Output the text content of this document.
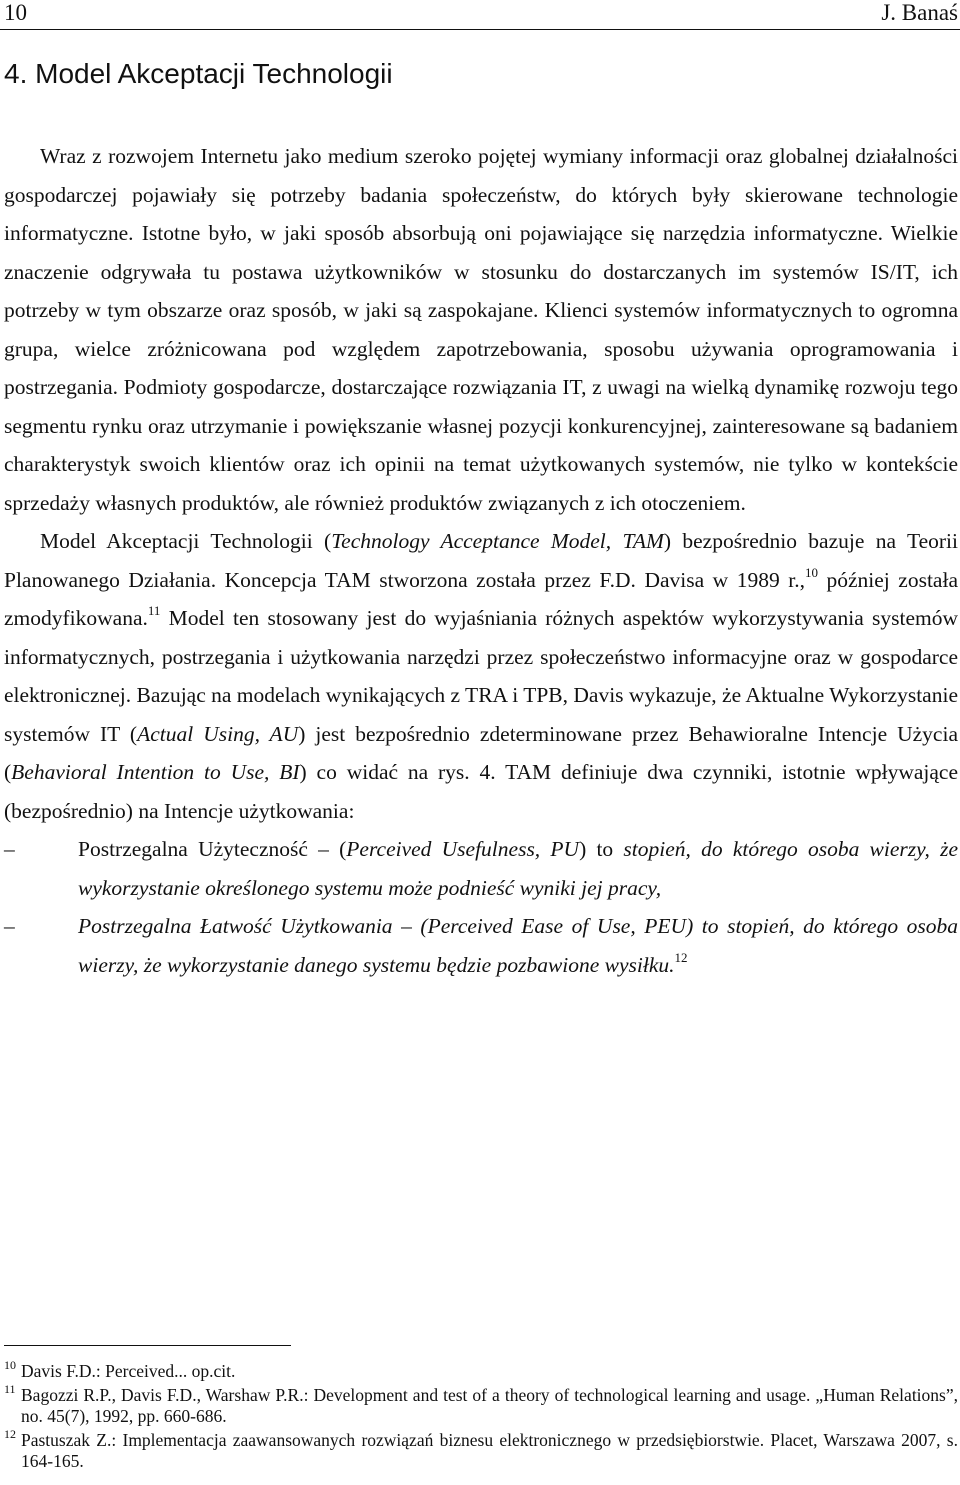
10	J. Banaś
4. Model Akceptacji Technologii

Wraz z rozwojem Internetu jako medium szeroko pojętej wymiany informacji oraz globalnej działalności gospodarczej pojawiały się potrzeby badania społeczeństw, do których były skierowane technologie informatyczne. Istotne było, w jaki sposób absorbują oni pojawiające się narzędzia informatyczne. Wielkie znaczenie odgrywała tu postawa użytkowników w stosunku do dostarczanych im systemów IS/IT, ich potrzeby w tym obszarze oraz sposób, w jaki są zaspokajane. Klienci systemów informatycznych to ogromna grupa, wielce zróżnicowana pod względem zapotrzebowania, sposobu używania oprogramowania i postrzegania. Podmioty gospodarcze, dostarczające rozwiązania IT, z uwagi na wielką dynamikę rozwoju tego segmentu rynku oraz utrzymanie i powiększanie własnej pozycji konkurencyjnej, zainteresowane są badaniem charakterystyk swoich klientów oraz ich opinii na temat użytkowanych systemów, nie tylko w kontekście sprzedaży własnych produktów, ale również produktów związanych z ich otoczeniem.

Model Akceptacji Technologii (Technology Acceptance Model, TAM) bezpośrednio bazuje na Teorii Planowanego Działania. Koncepcja TAM stworzona została przez F.D. Davisa w 1989 r.,$^{10}$ później została zmodyfikowana.$^{11}$ Model ten stosowany jest do wyjaśniania różnych aspektów wykorzystywania systemów informatycznych, postrzegania i użytkowania narzędzi przez społeczeństwo informacyjne oraz w gospodarce elektronicznej. Bazując na modelach wynikających z TRA i TPB, Davis wykazuje, że Aktualne Wykorzystanie systemów IT (Actual Using, AU) jest bezpośrednio zdeterminowane przez Behawioralne Intencje Użycia (Behavioral Intention to Use, BI) co widać na rys. 4. TAM definiuje dwa czynniki, istotnie wpływające (bezpośrednio) na Intencje użytkowania:

–	Postrzegalna Użyteczność – (Perceived Usefulness, PU) to stopień, do którego osoba wierzy, że wykorzystanie określonego systemu może podnieść wyniki jej pracy,
–	Postrzegalna Łatwość Użytkowania – (Perceived Ease of Use, PEU) to stopień, do którego osoba wierzy, że wykorzystanie danego systemu będzie pozbawione wysiłku.$^{12}$
10 Davis F.D.: Perceived... op.cit.
11 Bagozzi R.P., Davis F.D., Warshaw P.R.: Development and test of a theory of technological learning and usage. „Human Relations”, no. 45(7), 1992, pp. 660-686.
12 Pastuszak Z.: Implementacja zaawansowanych rozwiązań biznesu elektronicznego w przedsiębiorstwie. Placet, Warszawa 2007, s. 164-165.
